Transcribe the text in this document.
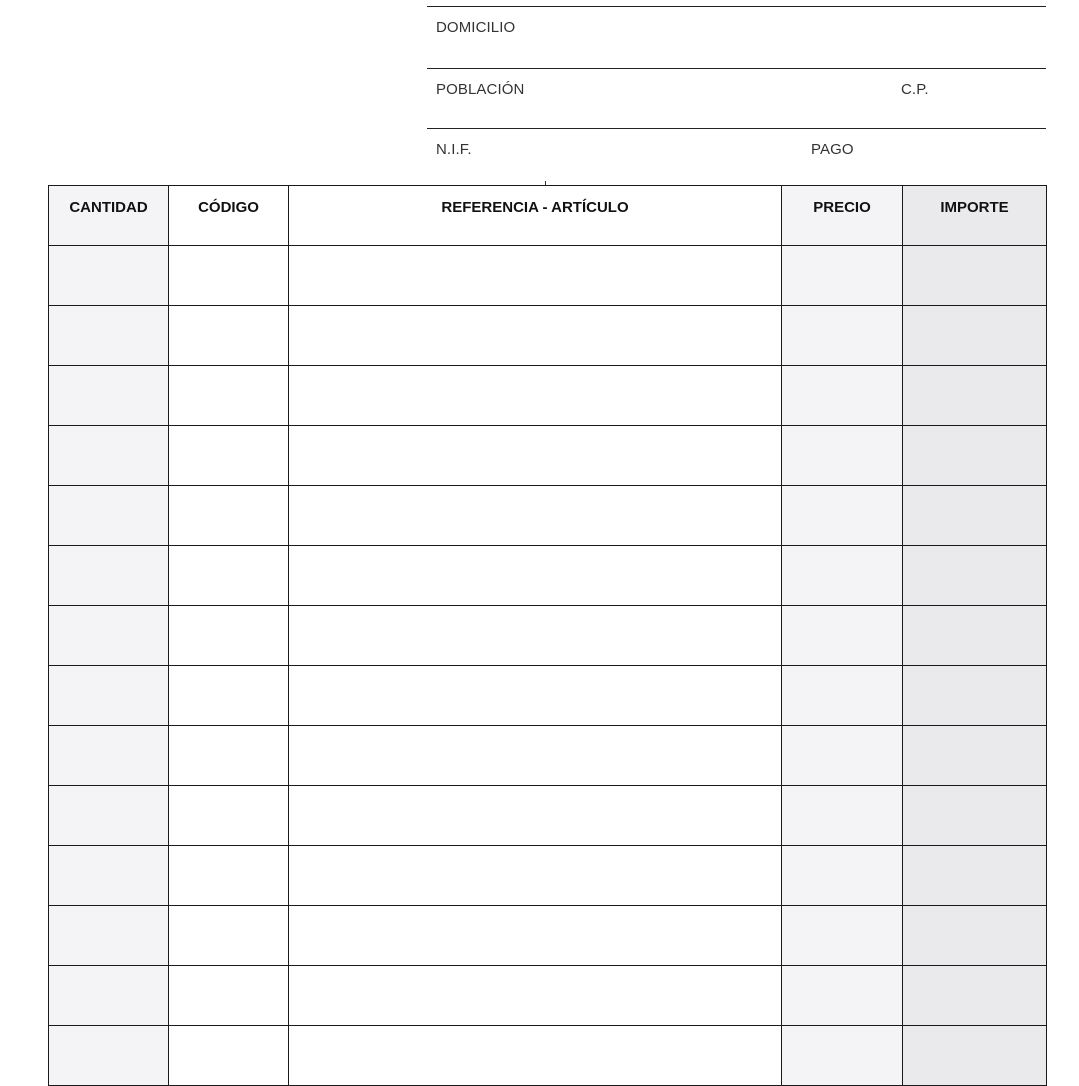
DOMICILIO
POBLACIÓN	C.P.
N.I.F.	PAGO
CANTIDAD	CÓDIGO	REFERENCIA - ARTÍCULO	PRECIO	IMPORTE
